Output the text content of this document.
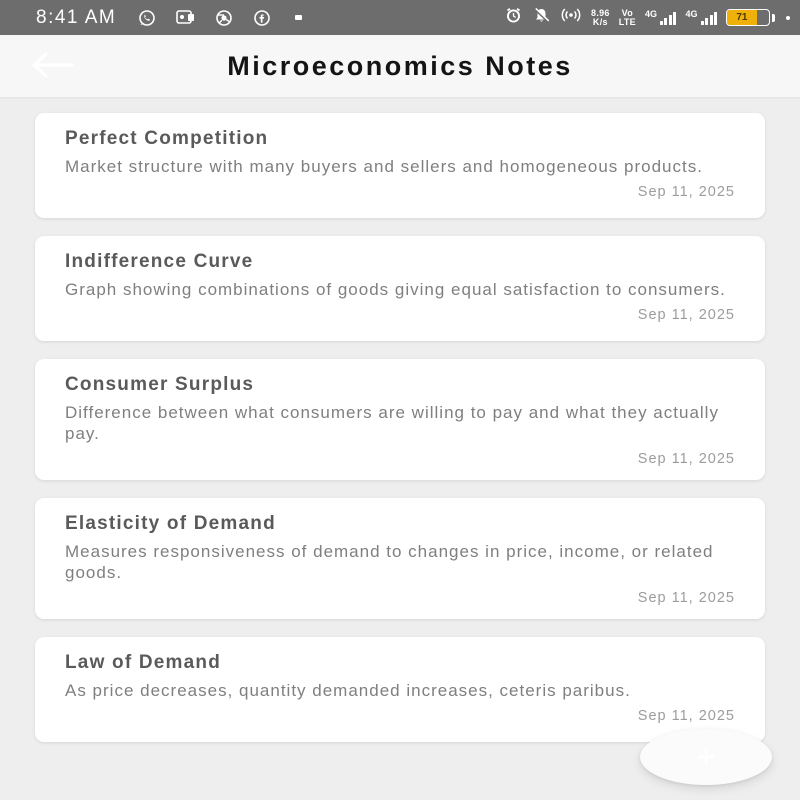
8:41 AM	8.96
K/s
Vo
LTE
4G	4G	71
Microeconomics Notes
Perfect Competition
Market structure with many buyers and sellers and homogeneous products.
Sep 11, 2025
Indifference Curve
Graph showing combinations of goods giving equal satisfaction to consumers.
Sep 11, 2025
Consumer Surplus
Difference between what consumers are willing to pay and what they actually pay.
Sep 11, 2025
Elasticity of Demand
Measures responsiveness of demand to changes in price, income, or related goods.
Sep 11, 2025
Law of Demand
As price decreases, quantity demanded increases, ceteris paribus.
Sep 11, 2025
+
